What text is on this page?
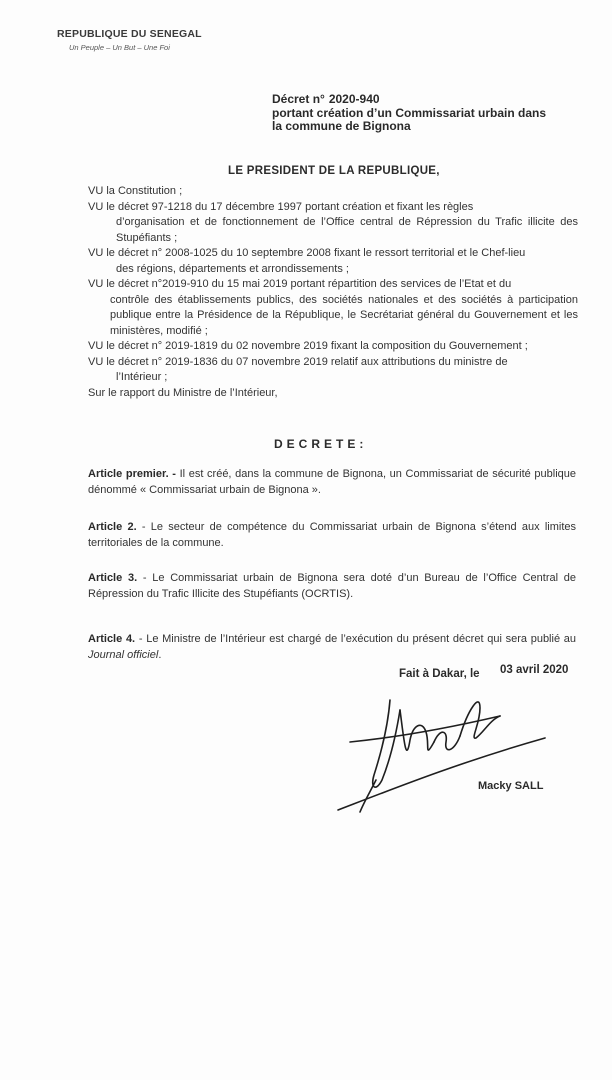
REPUBLIQUE DU SENEGAL
Un Peuple – Un But – Une Foi
Décret n° 2020-940
portant création d’un Commissariat urbain dans
la commune de Bignona
LE PRESIDENT DE LA REPUBLIQUE,
VU la Constitution ;
VU le décret 97-1218 du 17 décembre 1997 portant création et fixant les règles
d’organisation et de fonctionnement de l’Office central de Répression du Trafic illicite des Stupéfiants ;
VU le décret n° 2008-1025 du 10 septembre 2008 fixant le ressort territorial et le Chef-lieu
des régions, départements et arrondissements ;
VU le décret n°2019-910 du 15 mai 2019 portant répartition des services de l’Etat et du
contrôle des établissements publics, des sociétés nationales et des sociétés à participation publique entre la Présidence de la République, le Secrétariat général du Gouvernement et les ministères, modifié ;
VU le décret n° 2019-1819 du 02 novembre 2019 fixant la composition du Gouvernement ;
VU le décret n° 2019-1836 du 07 novembre 2019 relatif aux attributions du ministre de
l’Intérieur ;
Sur le rapport du Ministre de l’Intérieur,
DECRETE:
Article premier. - Il est créé, dans la commune de Bignona, un Commissariat de sécurité publique dénommé « Commissariat urbain de Bignona ».
Article 2. - Le secteur de compétence du Commissariat urbain de Bignona s’étend aux limites territoriales de la commune.
Article 3. - Le Commissariat urbain de Bignona sera doté d’un Bureau de l’Office Central de Répression du Trafic Illicite des Stupéfiants (OCRTIS).
Article 4. - Le Ministre de l’Intérieur est chargé de l’exécution du présent décret qui sera publié au Journal officiel.
Fait à Dakar, le 03 avril 2020
Macky SALL
